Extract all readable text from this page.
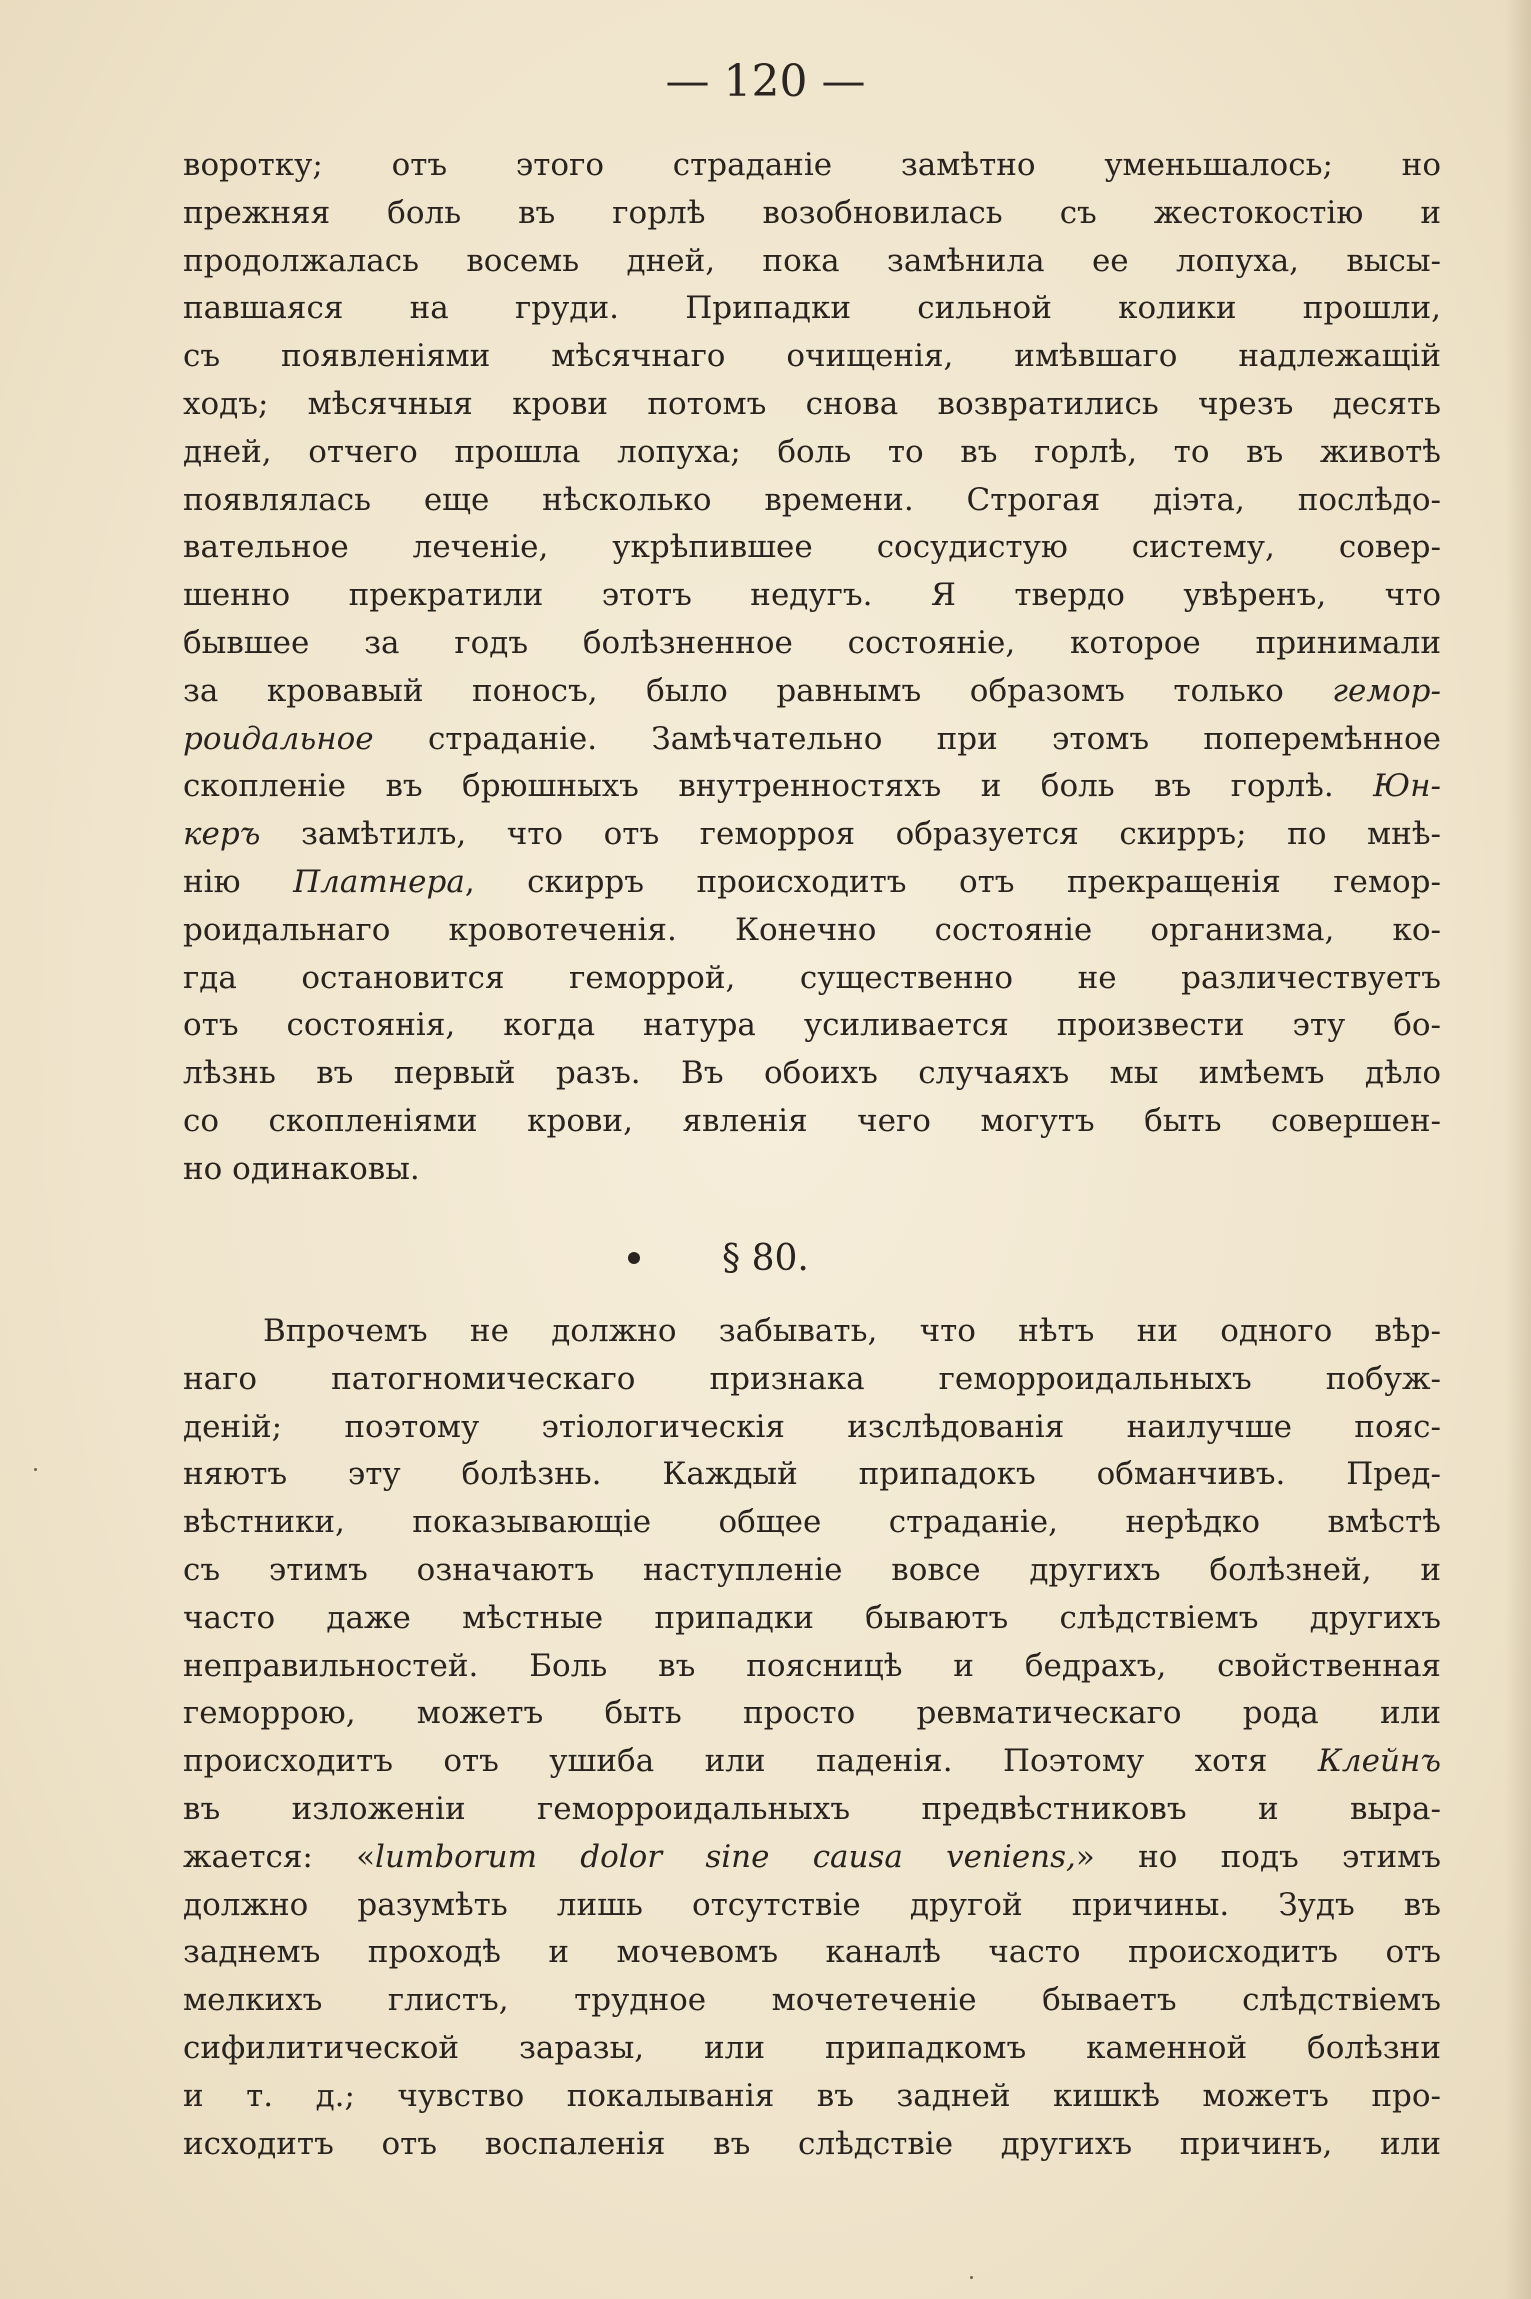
— 120 —
воротку; отъ этого страданіе замѣтно уменьшалось; но
прежняя боль въ горлѣ возобновилась съ жестокостію и
продолжалась восемь дней, пока замѣнила ее лопуха, высы-
павшаяся на груди. Припадки сильной колики прошли,
съ появленіями мѣсячнаго очищенія, имѣвшаго надлежащій
ходъ; мѣсячныя крови потомъ снова возвратились чрезъ десять
дней, отчего прошла лопуха; боль то въ горлѣ, то въ животѣ
появлялась еще нѣсколько времени. Строгая діэта, послѣдо-
вательное леченіе, укрѣпившее сосудистую систему, совер-
шенно прекратили этотъ недугъ. Я твердо увѣренъ, что
бывшее за годъ болѣзненное состояніе, которое принимали
за кровавый поносъ, было равнымъ образомъ только гемор-
роидальное страданіе. Замѣчательно при этомъ поперемѣнное
скопленіе въ брюшныхъ внутренностяхъ и боль въ горлѣ. Юн-
керъ замѣтилъ, что отъ геморроя образуется скирръ; по мнѣ-
нію Платнера, скирръ происходитъ отъ прекращенія гемор-
роидальнаго кровотеченія. Конечно состояніе организма, ко-
гда остановится геморрой, существенно не различествуетъ
отъ состоянія, когда натура усиливается произвести эту бо-
лѣзнь въ первый разъ. Въ обоихъ случаяхъ мы имѣемъ дѣло
со скопленіями крови, явленія чего могутъ быть совершен-
но одинаковы.
§ 80.
Впрочемъ не должно забывать, что нѣтъ ни одного вѣр-
наго патогномическаго признака геморроидальныхъ побуж-
деній; поэтому этіологическія изслѣдованія наилучше пояс-
няютъ эту болѣзнь. Каждый припадокъ обманчивъ. Пред-
вѣстники, показывающіе общее страданіе, нерѣдко вмѣстѣ
съ этимъ означаютъ наступленіе вовсе другихъ болѣзней, и
часто даже мѣстные припадки бываютъ слѣдствіемъ другихъ
неправильностей. Боль въ поясницѣ и бедрахъ, свойственная
геморрою, можетъ быть просто ревматическаго рода или
происходитъ отъ ушиба или паденія. Поэтому хотя Клейнъ
въ изложеніи геморроидальныхъ предвѣстниковъ и выра-
жается: «lumborum dolor sine causa veniens,» но подъ этимъ
должно разумѣть лишь отсутствіе другой причины. Зудъ въ
заднемъ проходѣ и мочевомъ каналѣ часто происходитъ отъ
мелкихъ глистъ, трудное мочетеченіе бываетъ слѣдствіемъ
сифилитической заразы, или припадкомъ каменной болѣзни
и т. д.; чувство покалыванія въ задней кишкѣ можетъ про-
исходитъ отъ воспаленія въ слѣдствіе другихъ причинъ, или
